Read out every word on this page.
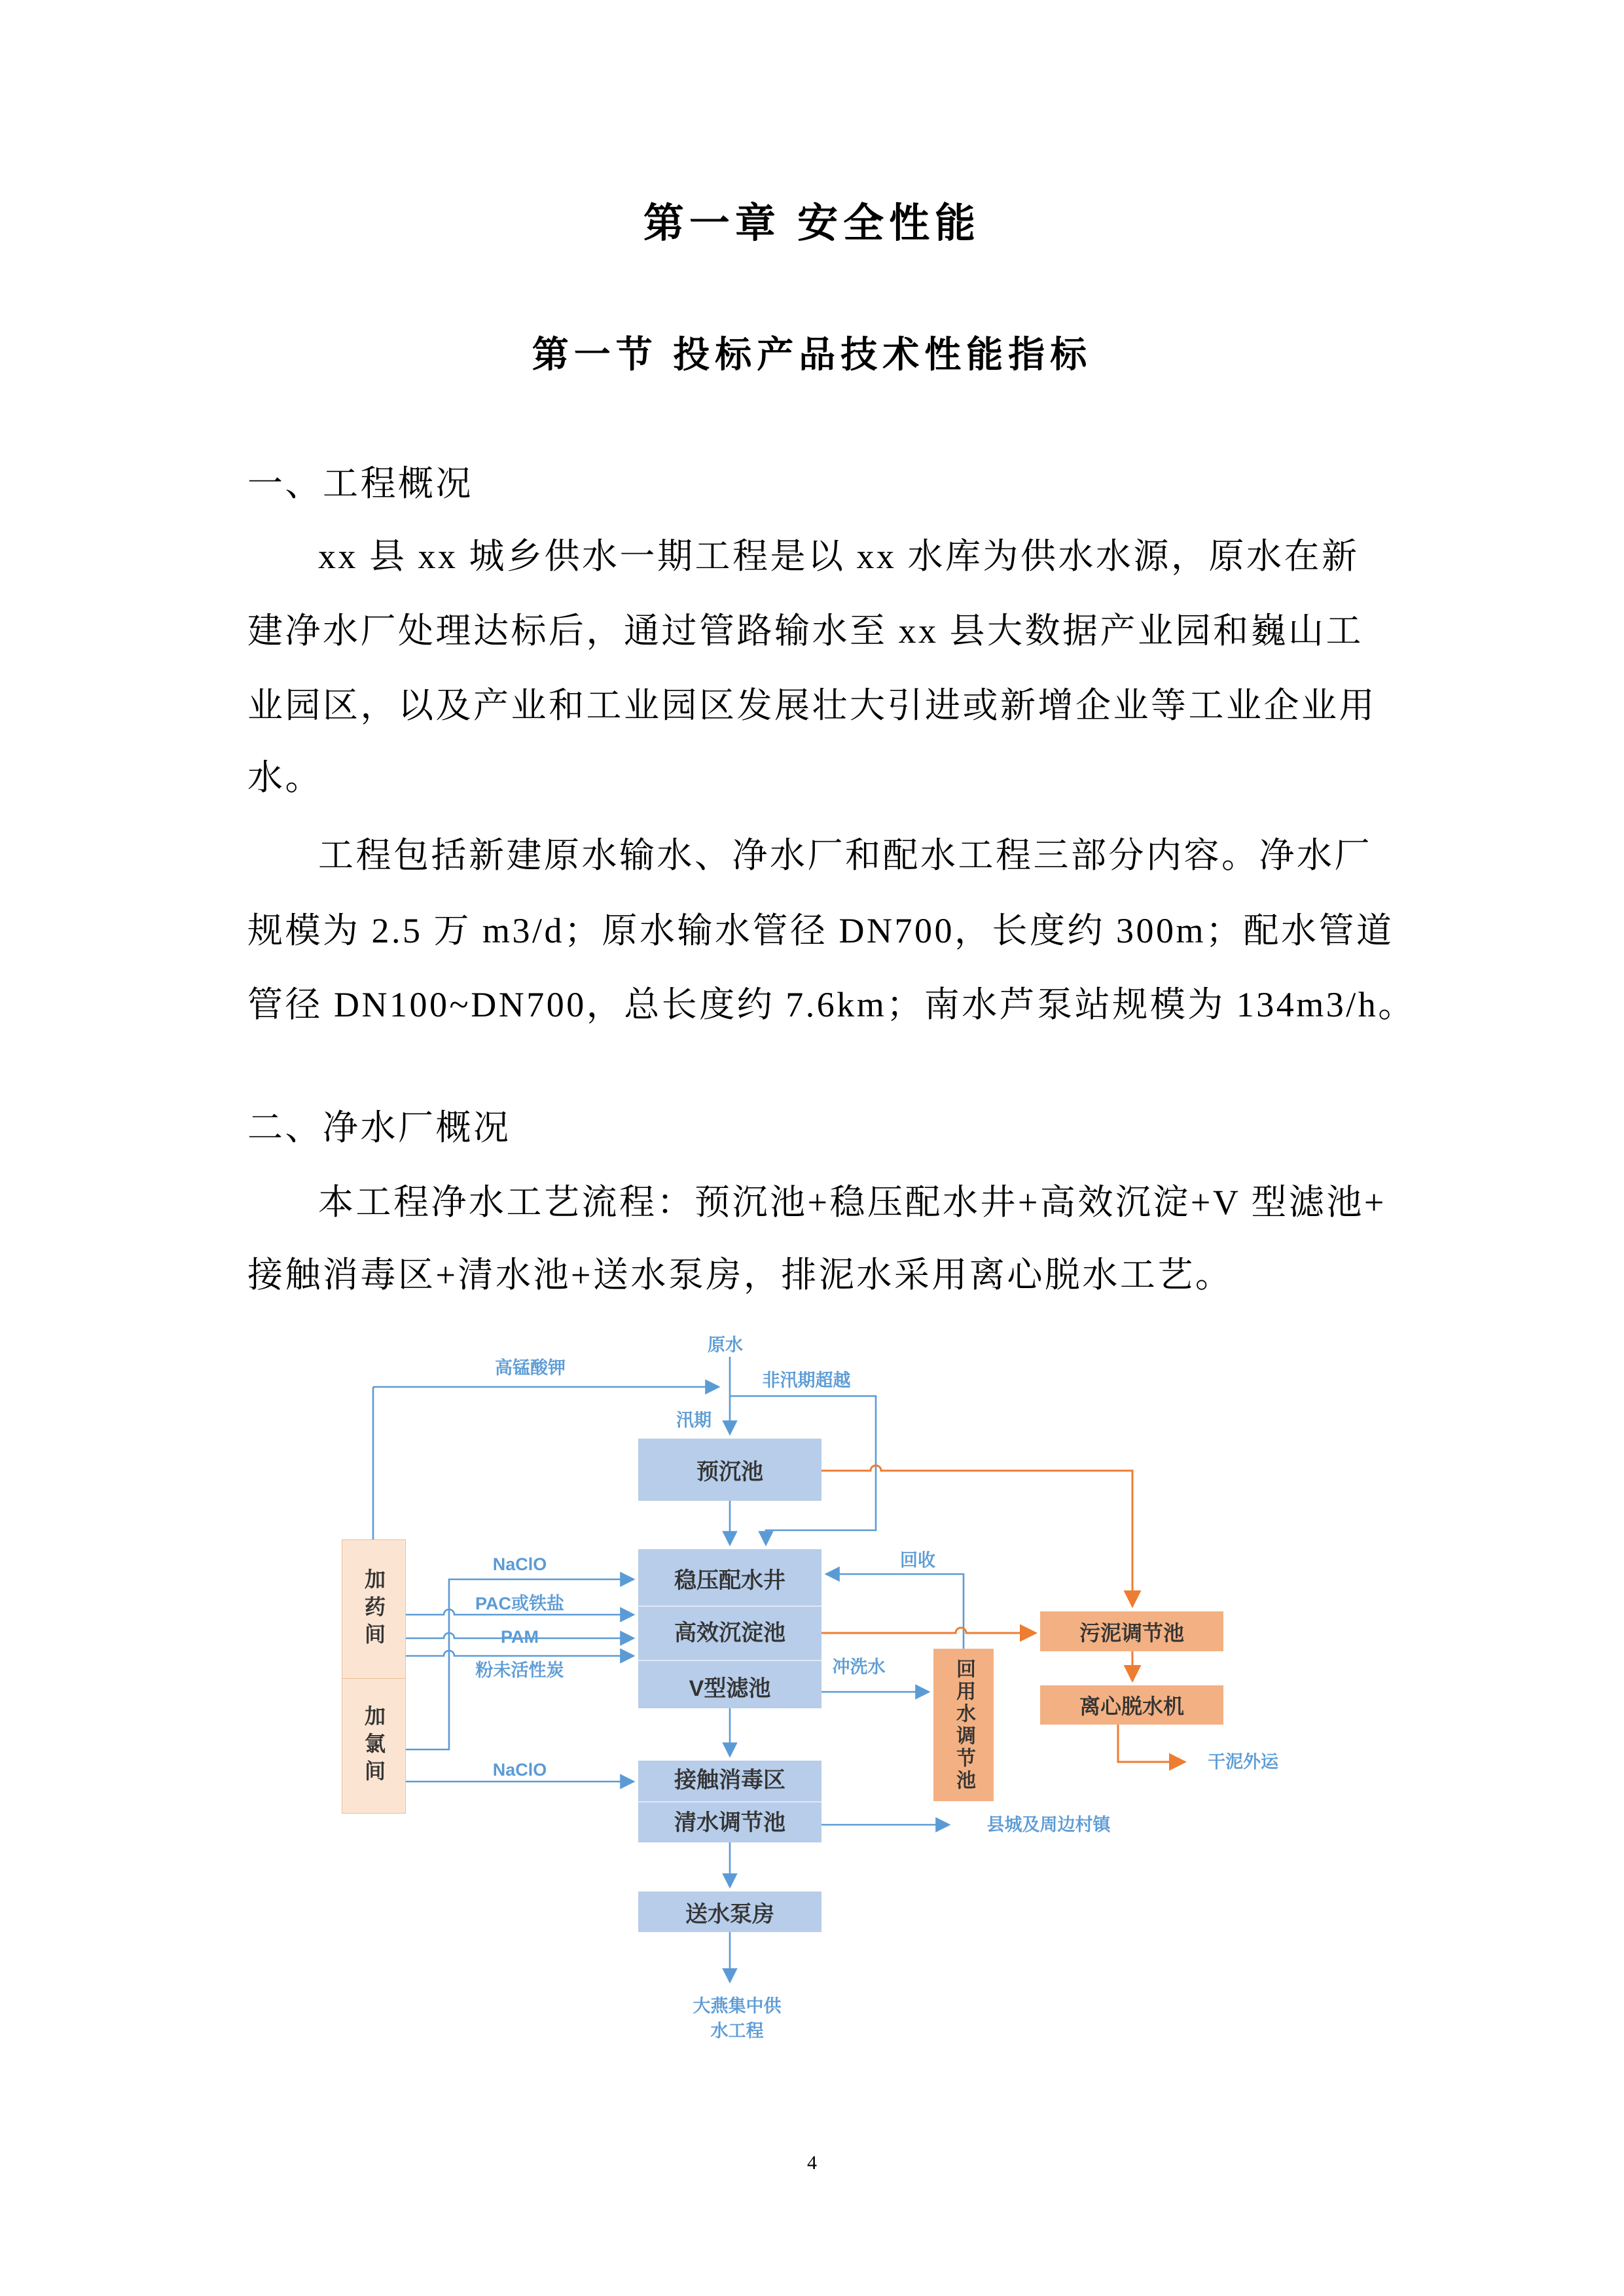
第一章 安全性能
第一节 投标产品技术性能指标
一、工程概况
xx 县 xx 城乡供水一期工程是以 xx 水库为供水水源，原水在新
建净水厂处理达标后，通过管路输水至 xx 县大数据产业园和巍山工
业园区，以及产业和工业园区发展壮大引进或新增企业等工业企业用
水。
工程包括新建原水输水、净水厂和配水工程三部分内容。净水厂
规模为 2.5 万 m3/d；原水输水管径 DN700，长度约 300m；配水管道
管径 DN100~DN700，总长度约 7.6km；南水芦泵站规模为 134m3/h。
二、净水厂概况
本工程净水工艺流程：预沉池+稳压配水井+高效沉淀+V 型滤池+
接触消毒区+清水池+送水泵房，排泥水采用离心脱水工艺。
预沉池
稳压配水井
高效沉淀池
V型滤池
接触消毒区
清水调节池
送水泵房
加药间
加氯间	回用水调节池
污泥调节池
离心脱水机
原水
高锰酸钾
非汛期超越
汛期
NaClO
PAC或铁盐
PAM
粉未活性炭
回收
冲洗水
NaClO
县城及周边村镇
干泥外运
大燕集中供
水工程
4
